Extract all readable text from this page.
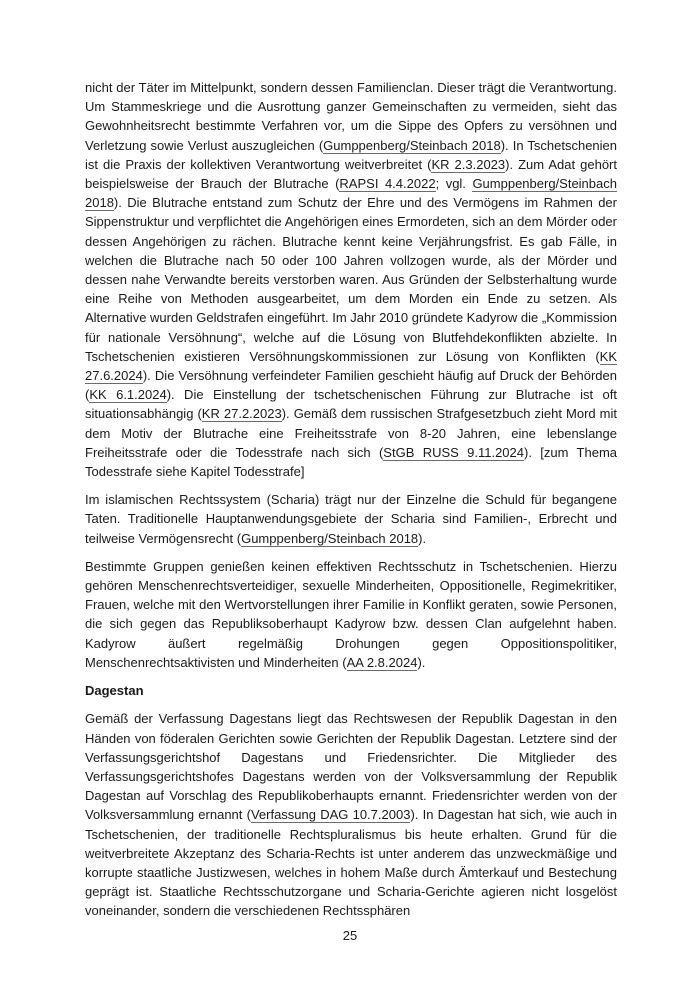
nicht der Täter im Mittelpunkt, sondern dessen Familienclan. Dieser trägt die Verantwortung. Um Stammeskriege und die Ausrottung ganzer Gemeinschaften zu vermeiden, sieht das Gewohnheitsrecht bestimmte Verfahren vor, um die Sippe des Opfers zu versöhnen und Verletzung sowie Verlust auszugleichen (Gumppenberg/Steinbach 2018). In Tschetschenien ist die Praxis der kollektiven Verantwortung weitverbreitet (KR 2.3.2023). Zum Adat gehört beispielsweise der Brauch der Blutrache (RAPSI 4.4.2022; vgl. Gumppenberg/Steinbach 2018). Die Blutrache entstand zum Schutz der Ehre und des Vermögens im Rahmen der Sippenstruktur und verpflichtet die Angehörigen eines Ermordeten, sich an dem Mörder oder dessen Angehörigen zu rächen. Blutrache kennt keine Verjährungsfrist. Es gab Fälle, in welchen die Blutrache nach 50 oder 100 Jahren vollzogen wurde, als der Mörder und dessen nahe Verwandte bereits verstorben waren. Aus Gründen der Selbsterhaltung wurde eine Reihe von Methoden ausgearbeitet, um dem Morden ein Ende zu setzen. Als Alternative wurden Geldstrafen eingeführt. Im Jahr 2010 gründete Kadyrow die „Kommission für nationale Versöhnung“, welche auf die Lösung von Blutfehdekonflikten abzielte. In Tschetschenien existieren Versöhnungskommissionen zur Lösung von Konflikten (KK 27.6.2024). Die Versöhnung verfeindeter Familien geschieht häufig auf Druck der Behörden (KK 6.1.2024). Die Einstellung der tschetschenischen Führung zur Blutrache ist oft situationsabhängig (KR 27.2.2023). Gemäß dem russischen Strafgesetzbuch zieht Mord mit dem Motiv der Blutrache eine Freiheitsstrafe von 8-20 Jahren, eine lebenslange Freiheitsstrafe oder die Todesstrafe nach sich (StGB RUSS 9.11.2024). [zum Thema Todesstrafe siehe Kapitel Todesstrafe]

Im islamischen Rechtssystem (Scharia) trägt nur der Einzelne die Schuld für begangene Taten. Traditionelle Hauptanwendungsgebiete der Scharia sind Familien-, Erbrecht und teilweise Vermögensrecht (Gumppenberg/Steinbach 2018).

Bestimmte Gruppen genießen keinen effektiven Rechtsschutz in Tschetschenien. Hierzu gehören Menschenrechtsverteidiger, sexuelle Minderheiten, Oppositionelle, Regimekritiker, Frauen, welche mit den Wertvorstellungen ihrer Familie in Konflikt geraten, sowie Personen, die sich gegen das Republiksoberhaupt Kadyrow bzw. dessen Clan aufgelehnt haben. Kadyrow äußert regelmäßig Drohungen gegen Oppositionspolitiker, Menschenrechtsaktivisten und Minderheiten (AA 2.8.2024).

Dagestan

Gemäß der Verfassung Dagestans liegt das Rechtswesen der Republik Dagestan in den Händen von föderalen Gerichten sowie Gerichten der Republik Dagestan. Letztere sind der Verfassungsgerichtshof Dagestans und Friedensrichter. Die Mitglieder des Verfassungsgerichtshofes Dagestans werden von der Volksversammlung der Republik Dagestan auf Vorschlag des Republikoberhaupts ernannt. Friedensrichter werden von der Volksversammlung ernannt (Verfassung DAG 10.7.2003). In Dagestan hat sich, wie auch in Tschetschenien, der traditionelle Rechtspluralismus bis heute erhalten. Grund für die weitverbreitete Akzeptanz des Scharia-Rechts ist unter anderem das unzweckmäßige und korrupte staatliche Justizwesen, welches in hohem Maße durch Ämterkauf und Bestechung geprägt ist. Staatliche Rechtsschutzorgane und Scharia-Gerichte agieren nicht losgelöst voneinander, sondern die verschiedenen Rechtssphären

25
